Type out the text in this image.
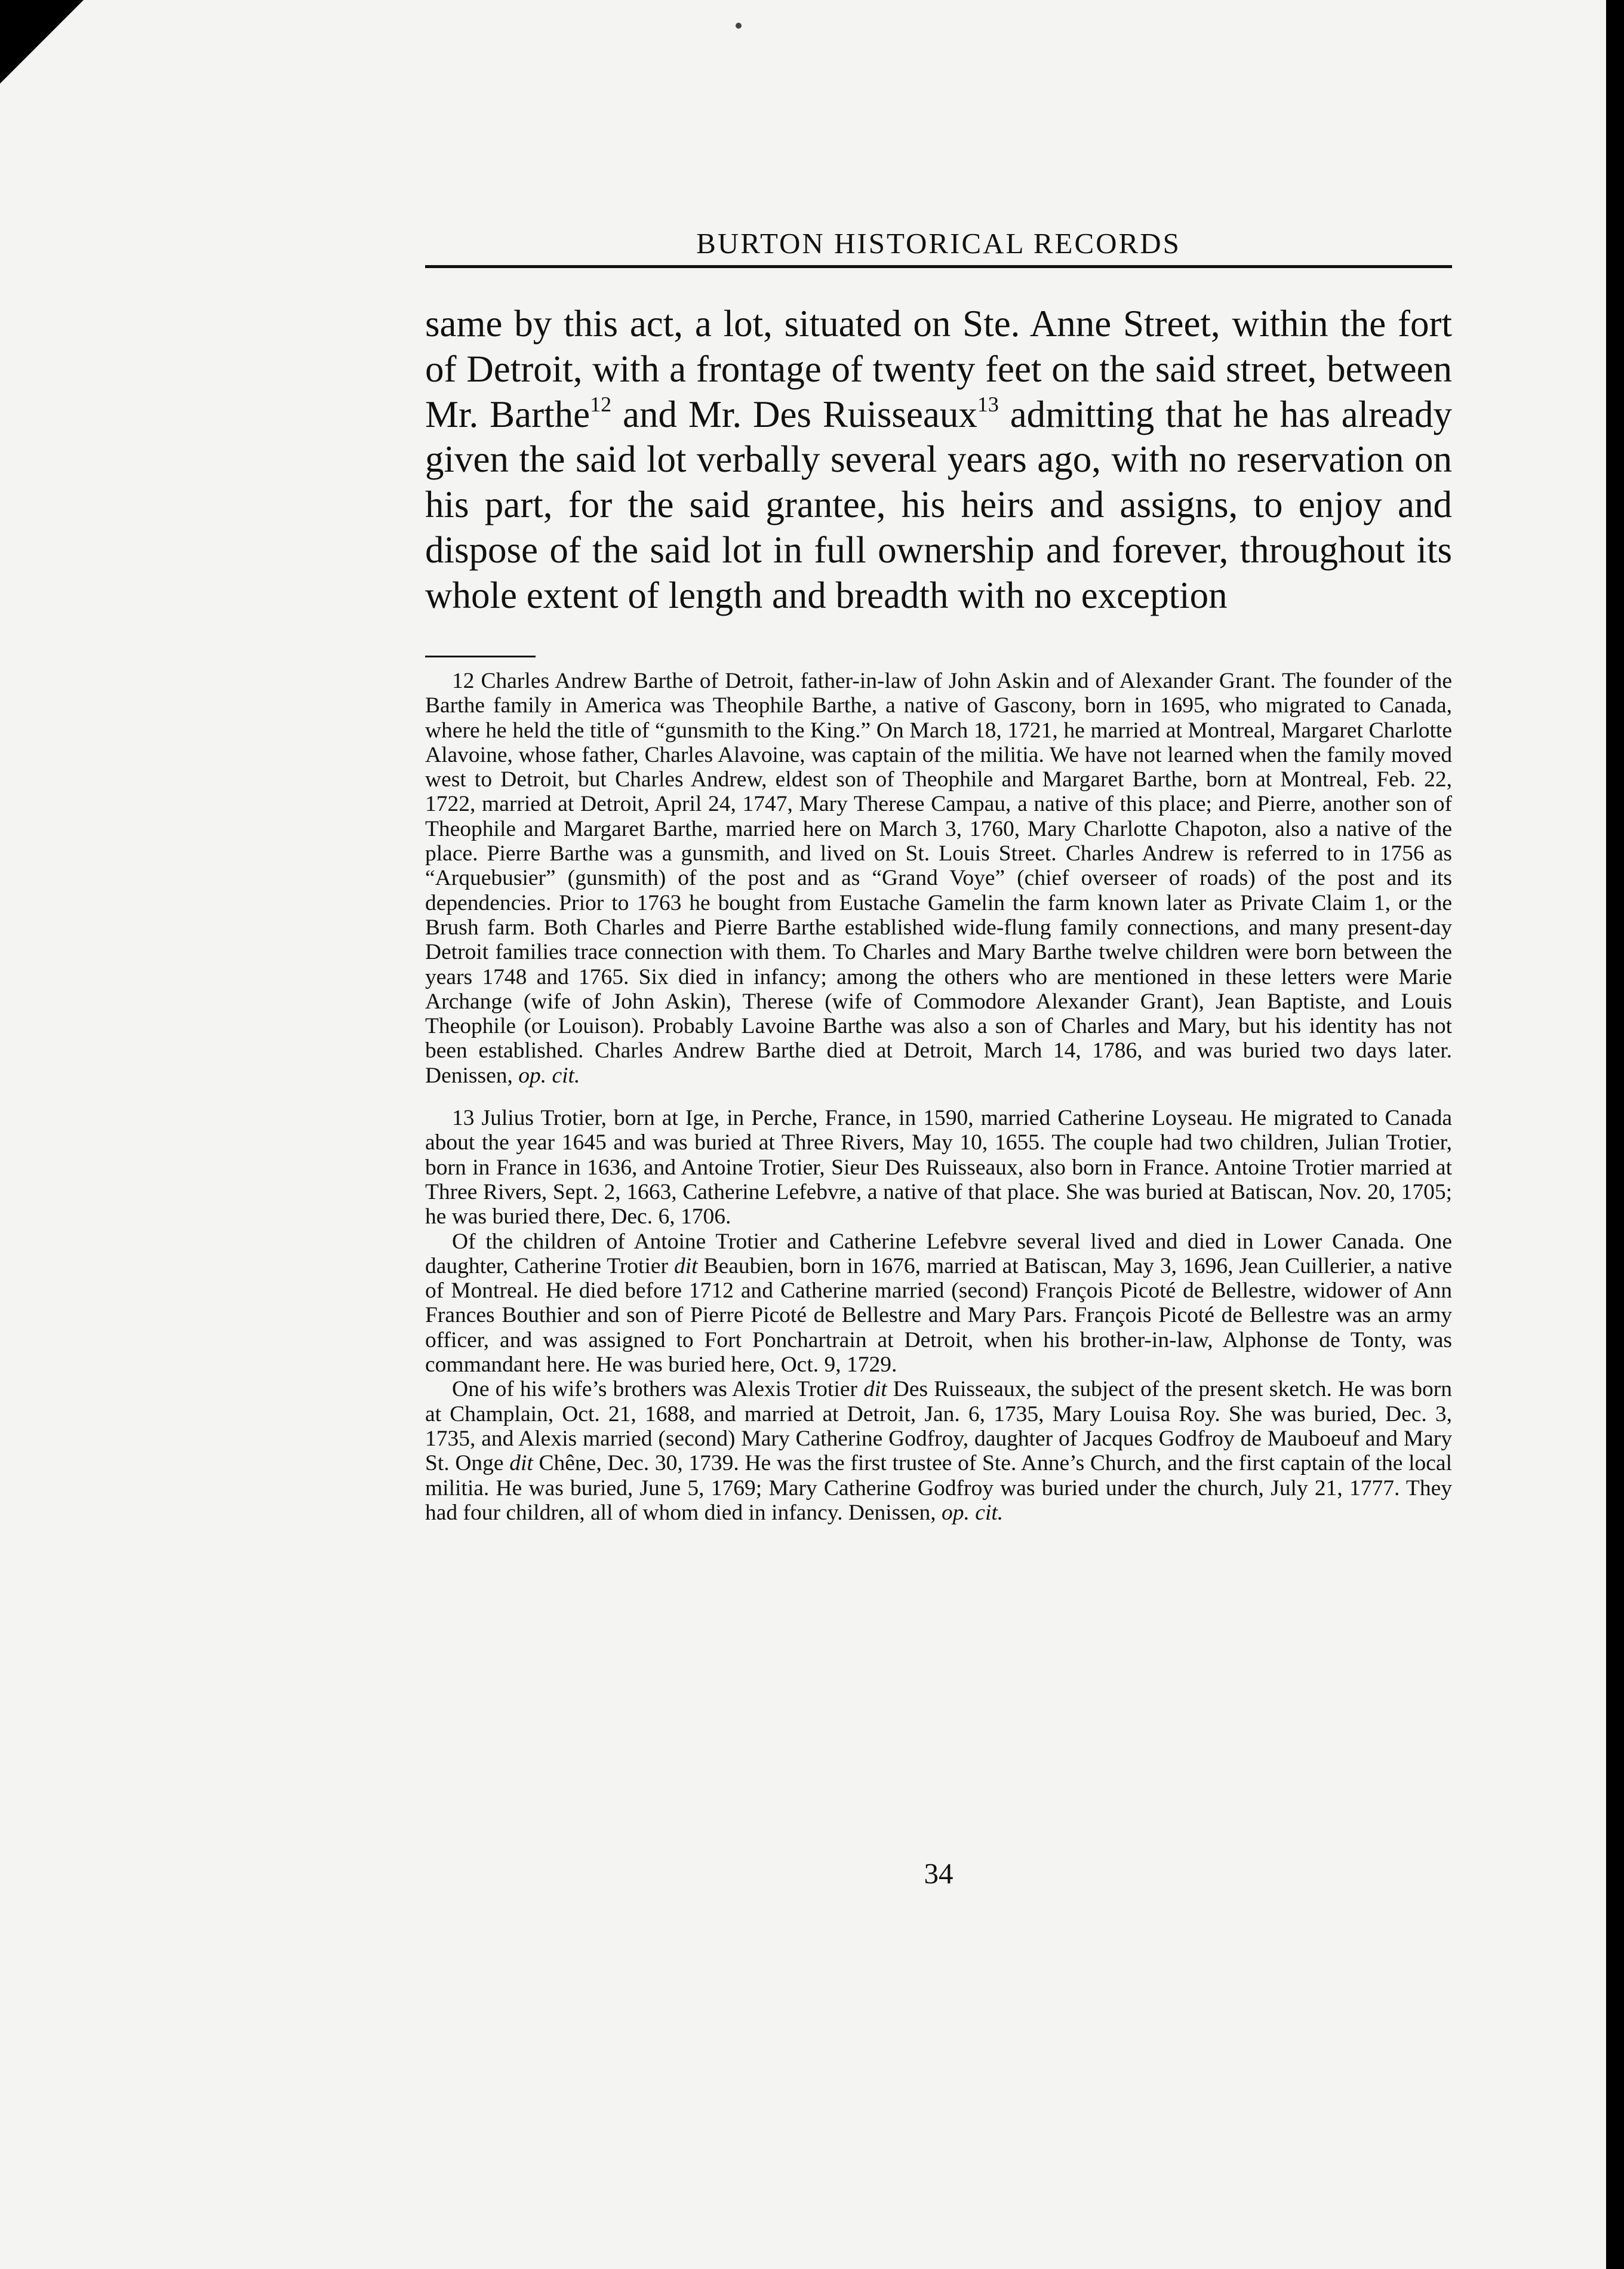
BURTON HISTORICAL RECORDS

same by this act, a lot, situated on Ste. Anne Street, within the fort of Detroit, with a frontage of twenty feet on the said street, between Mr. Barthe$^{12}$ and Mr. Des Ruisseaux$^{13}$ admitting that he has already given the said lot verbally several years ago, with no reservation on his part, for the said grantee, his heirs and assigns, to enjoy and dispose of the said lot in full ownership and forever, throughout its whole extent of length and breadth with no exception

12 Charles Andrew Barthe of Detroit, father-in-law of John Askin and of Alexander Grant. The founder of the Barthe family in America was Theophile Barthe, a native of Gascony, born in 1695, who migrated to Canada, where he held the title of “gunsmith to the King.” On March 18, 1721, he married at Montreal, Margaret Charlotte Alavoine, whose father, Charles Alavoine, was captain of the militia. We have not learned when the family moved west to Detroit, but Charles Andrew, eldest son of Theophile and Margaret Barthe, born at Montreal, Feb. 22, 1722, married at Detroit, April 24, 1747, Mary Therese Campau, a native of this place; and Pierre, another son of Theophile and Margaret Barthe, married here on March 3, 1760, Mary Charlotte Chapoton, also a native of the place. Pierre Barthe was a gunsmith, and lived on St. Louis Street. Charles Andrew is referred to in 1756 as “Arquebusier” (gunsmith) of the post and as “Grand Voye” (chief overseer of roads) of the post and its dependencies. Prior to 1763 he bought from Eustache Gamelin the farm known later as Private Claim 1, or the Brush farm. Both Charles and Pierre Barthe established wide-flung family connections, and many present-day Detroit families trace connection with them. To Charles and Mary Barthe twelve children were born between the years 1748 and 1765. Six died in infancy; among the others who are mentioned in these letters were Marie Archange (wife of John Askin), Therese (wife of Commodore Alexander Grant), Jean Baptiste, and Louis Theophile (or Louison). Probably Lavoine Barthe was also a son of Charles and Mary, but his identity has not been established. Charles Andrew Barthe died at Detroit, March 14, 1786, and was buried two days later. Denissen, op. cit.

13 Julius Trotier, born at Ige, in Perche, France, in 1590, married Catherine Loyseau. He migrated to Canada about the year 1645 and was buried at Three Rivers, May 10, 1655. The couple had two children, Julian Trotier, born in France in 1636, and Antoine Trotier, Sieur Des Ruisseaux, also born in France. Antoine Trotier married at Three Rivers, Sept. 2, 1663, Catherine Lefebvre, a native of that place. She was buried at Batiscan, Nov. 20, 1705; he was buried there, Dec. 6, 1706.

Of the children of Antoine Trotier and Catherine Lefebvre several lived and died in Lower Canada. One daughter, Catherine Trotier dit Beaubien, born in 1676, married at Batiscan, May 3, 1696, Jean Cuillerier, a native of Montreal. He died before 1712 and Catherine married (second) François Picoté de Bellestre, widower of Ann Frances Bouthier and son of Pierre Picoté de Bellestre and Mary Pars. François Picoté de Bellestre was an army officer, and was assigned to Fort Ponchartrain at Detroit, when his brother-in-law, Alphonse de Tonty, was commandant here. He was buried here, Oct. 9, 1729.

One of his wife’s brothers was Alexis Trotier dit Des Ruisseaux, the subject of the present sketch. He was born at Champlain, Oct. 21, 1688, and married at Detroit, Jan. 6, 1735, Mary Louisa Roy. She was buried, Dec. 3, 1735, and Alexis married (second) Mary Catherine Godfroy, daughter of Jacques Godfroy de Mauboeuf and Mary St. Onge dit Chêne, Dec. 30, 1739. He was the first trustee of Ste. Anne’s Church, and the first captain of the local militia. He was buried, June 5, 1769; Mary Catherine Godfroy was buried under the church, July 21, 1777. They had four children, all of whom died in infancy. Denissen, op. cit.

34
